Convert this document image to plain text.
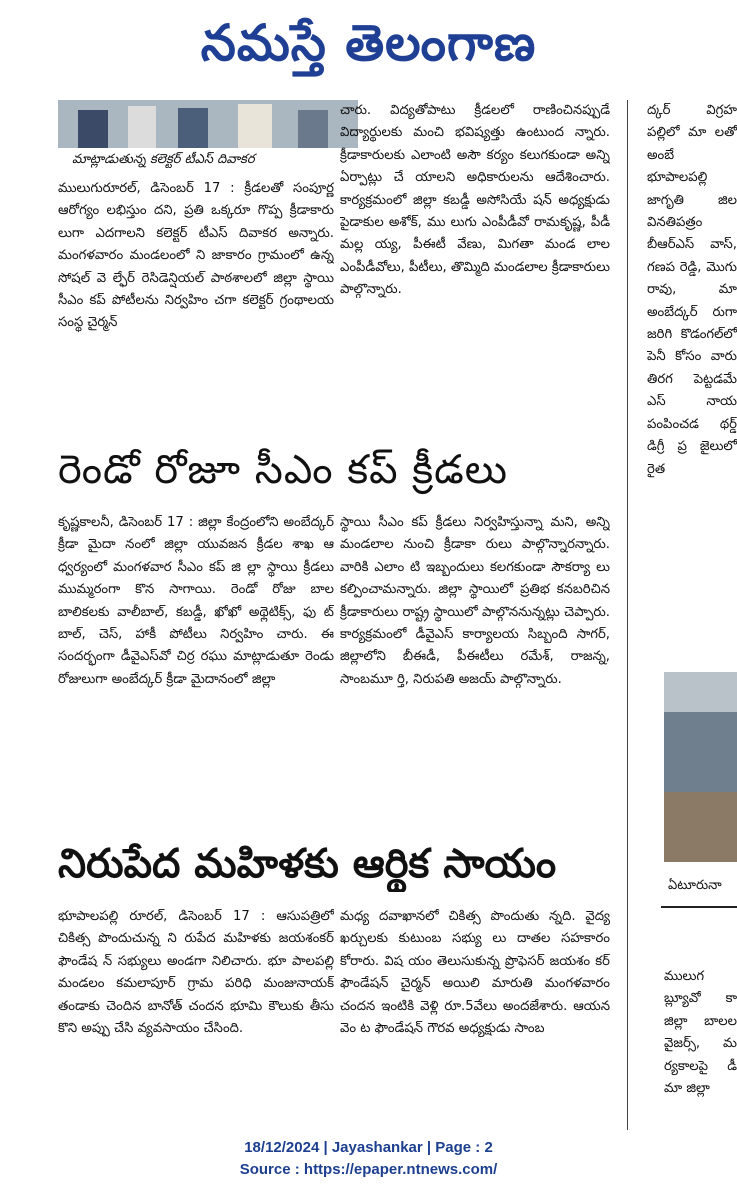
నమస్తే తెలంగాణ
మాట్లాడుతున్న కలెక్టర్ టీఎస్ దివాకర

ములుగురూరల్, డిసెంబర్ 17 : క్రీడలతో సంపూర్ణ ఆరోగ్యం లభిస్తుం దని, ప్రతి ఒక్కరూ గొప్ప క్రీడాకారు లుగా ఎదగాలని కలెక్టర్ టీఎస్ దివాకర అన్నారు. మంగళవారం మండలంలో ని జాకారం గ్రామంలో ఉన్న సోషల్ వె ల్ఫేర్ రెసిడెన్షియల్ పాఠశాలలో జిల్లా స్థాయి సీఎం కప్ పోటీలను నిర్వహిం చగా కలెక్టర్ గ్రంథాలయ సంస్థ చైర్మన్

చారు. విద్యతోపాటు క్రీడలలో రాణించినప్పుడే విద్యార్థులకు మంచి భవిష్యత్తు ఉంటుంద న్నారు. క్రీడాకారులకు ఎలాంటి అసౌ కర్యం కలుగకుండా అన్ని ఏర్పాట్లు చే యాలని అధికారులను ఆదేశించారు. కార్యక్రమంలో జిల్లా కబడ్డీ అసోసియే షన్ అధ్యక్షుడు పైడాకుల అశోక్, ము లుగు ఎంపీడీవో రామకృష్ణ, పీడీ మల్ల య్య, పీఈటీ వేణు, మిగతా మండ లాల ఎంపీడీవోలు, పీటీలు, తొమ్మిది మండలాల క్రీడాకారులు పాల్గొన్నారు.

రెండో రోజూ సీఎం కప్ క్రీడలు

కృష్ణకాలనీ, డిసెంబర్ 17 : జిల్లా కేంద్రంలోని అంబేద్కర్ క్రీడా మైదా నంలో జిల్లా యువజన క్రీడల శాఖ ఆ ధ్వర్యంలో మంగళవార సీఎం కప్ జి ల్లా స్థాయి క్రీడలు ముమ్మరంగా కొన సాగాయి. రెండో రోజు బాల బాలికలకు వాలీబాల్, కబడ్డీ, ఖోఖో అథ్లెటిక్స్, ఫు ట్ బాల్, చెస్, హాకీ పోటీలు నిర్వహిం చారు. ఈ సందర్భంగా డీవైఎస్‌వో చిర్ర రఘు మాట్లాడుతూ రెండు రోజులుగా అంబేద్కర్ క్రీడా మైదానంలో జిల్లా

స్థాయి సీఎం కప్ క్రీడలు నిర్వహిస్తున్నా మని, అన్ని మండలాల నుంచి క్రీడాకా రులు పాల్గొన్నారన్నారు. వారికి ఎలాం టి ఇబ్బందులు కలగకుండా సౌకర్యా లు కల్పించామన్నారు. జిల్లా స్థాయిలో ప్రతిభ కనబరిచిన క్రీడాకారులు రాష్ట్ర స్థాయిలో పాల్గొననున్నట్లు చెప్పారు. కార్యక్రమంలో డీవైఎస్ కార్యాలయ సిబ్బంది సాగర్, జిల్లాలోని బీఈడీ, పీఈటీలు రమేశ్, రాజన్న, సాంబమూ ర్తి, నిరుపతి అజయ్ పాల్గొన్నారు.

నిరుపేద మహిళకు ఆర్థిక సాయం

భూపాలపల్లి రూరల్, డిసెంబర్ 17 : ఆసుపత్రిలో చికిత్స పొందుచున్న ని రుపేద మహిళకు జయశంకర్ ఫౌండేష న్ సభ్యులు అండగా నిలిచారు. భూ పాలపల్లి మండలం కమలాపూర్ గ్రామ పరిధి మంజునాయక్ తండాకు చెందిన బానోత్ చందన భూమి కౌలుకు తీసు కొని అప్పు చేసి వ్యవసాయం చేసింది.

మధ్య దవాఖానలో చికిత్స పొందుతు న్నది. వైద్య ఖర్చులకు కుటుంబ సభ్యు లు దాతల సహకారం కోరారు. విష యం తెలుసుకున్న ప్రొఫెసర్ జయశం కర్ ఫౌండేషన్ చైర్మన్ అయిలి మారుతి మంగళవారం చందన ఇంటికి వెళ్లి రూ.5వేలు అందజేశారు. ఆయన వెం ట ఫౌండేషన్ గౌరవ అధ్యక్షుడు సాంబ

ద్కర్ విగ్రహ పల్లిలో మా లతో అంబే భూపాలపల్లి జాగృతి జిల వినతిపత్రం బీఆర్ఎస్ వాస్, గణప రెడ్డి, మొగు రావు, మా అంబేద్కర్ రుగా జరిగి కొడంగల్‌లో పెనీ కోసం వారు తిరగ పెట్టడమే ఎస్ నాయ పంపించడ థర్డ్ డిగ్రీ ప్ర జైలులో రైత

ఏటూరునా

ములుగ బ్ల్యూవో కా జిల్లా బాలల వైజర్స్, మ ర్యకాలపై డీ మా జిల్లా

18/12/2024 | Jayashankar | Page : 2
Source : https://epaper.ntnews.com/
